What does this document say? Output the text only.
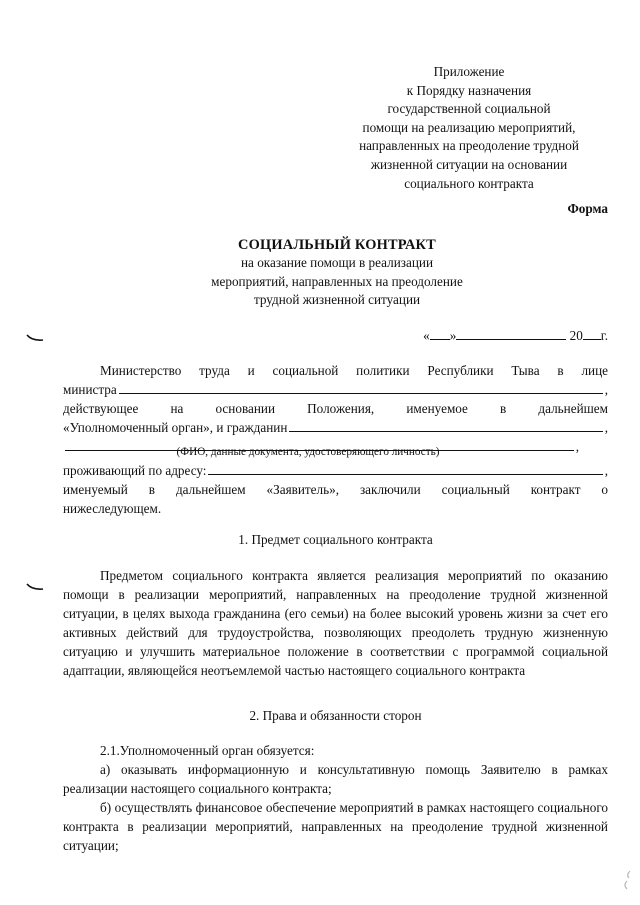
Приложение
к Порядку назначения
государственной социальной
помощи на реализацию мероприятий,
направленных на преодоление трудной
жизненной ситуации на основании
социального контракта
Форма
СОЦИАЛЬНЫЙ КОНТРАКТ
на оказание помощи в реализации
мероприятий, направленных на преодоление
трудной жизненной ситуации
« »	20 г.
Министерство труда и социальной политики Республики Тыва в лице
министра	,
действующее на основании Положения, именуемое в дальнейшем
«Уполномоченный орган», и гражданин	,
,
(ФИО, данные документа, удостоверяющего личность)
проживающий по адресу:	,
именуемый в дальнейшем «Заявитель», заключили социальный контракт о
нижеследующем.
1. Предмет социального контракта
Предметом социального контракта является реализация мероприятий по оказанию помощи в реализации мероприятий, направленных на преодоление трудной жизненной ситуации, в целях выхода гражданина (его семьи) на более высокий уровень жизни за счет его активных действий для трудоустройства, позволяющих преодолеть трудную жизненную ситуацию и улучшить материальное положение в соответствии с программой социальной адаптации, являющейся неотъемлемой частью настоящего социального контракта
2. Права и обязанности сторон
2.1.Уполномоченный орган обязуется:
а) оказывать информационную и консультативную помощь Заявителю в рамках реализации настоящего социального контракта;
б) осуществлять финансовое обеспечение мероприятий в рамках настоящего социального контракта в реализации мероприятий, направленных на преодоление трудной жизненной ситуации;
